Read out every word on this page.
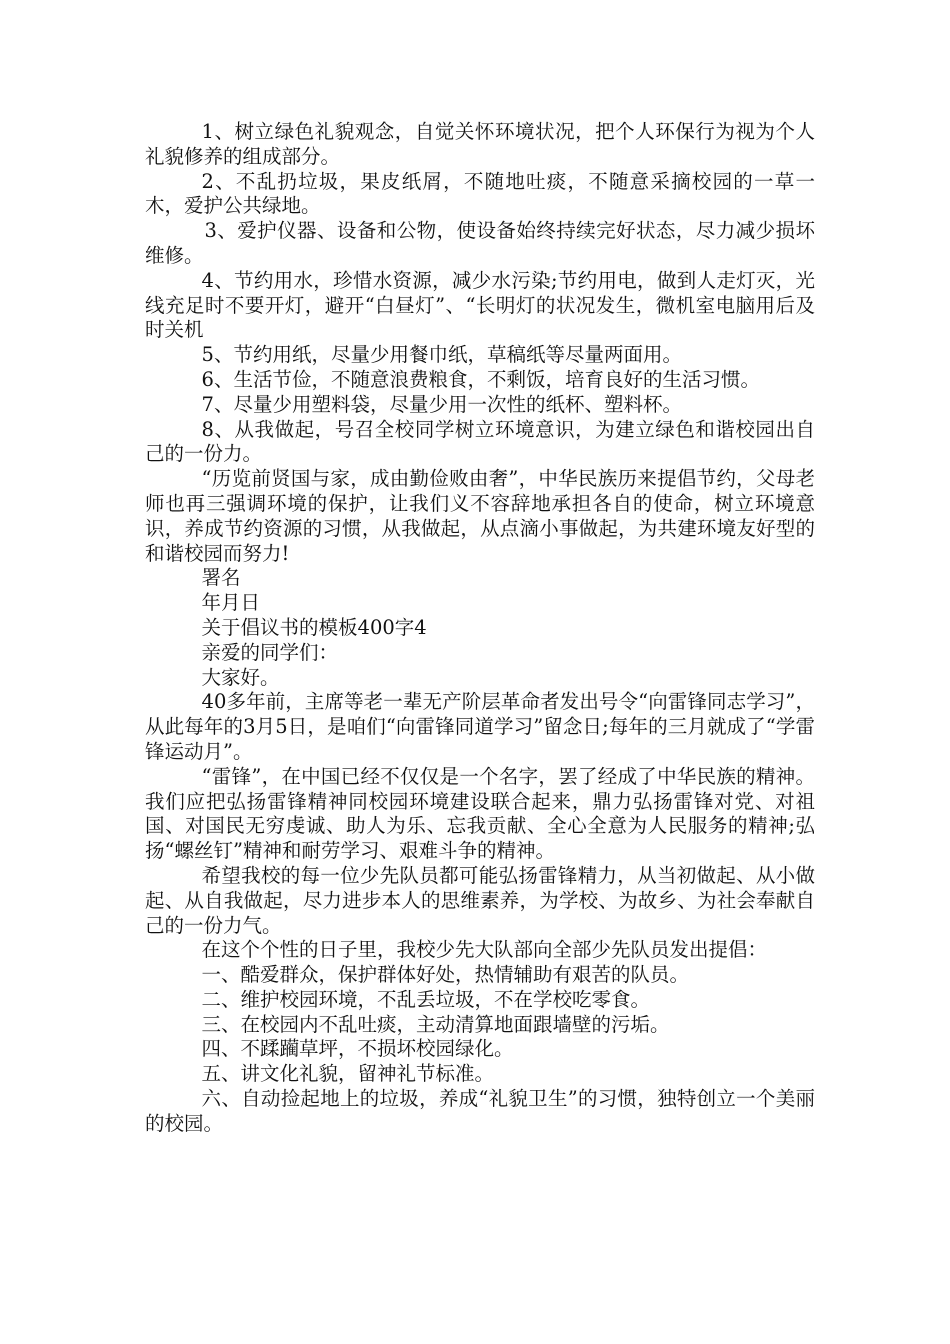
1、树立绿色礼貌观念，自觉关怀环境状况，把个人环保行为视为个人礼貌修养的组成部分。

2、不乱扔垃圾，果皮纸屑，不随地吐痰，不随意采摘校园的一草一木，爱护公共绿地。

3、爱护仪器、设备和公物，使设备始终持续完好状态，尽力减少损坏维修。

4、节约用水，珍惜水资源，减少水污染;节约用电，做到人走灯灭，光线充足时不要开灯，避开“白昼灯”、“长明灯的状况发生，微机室电脑用后及时关机

5、节约用纸，尽量少用餐巾纸，草稿纸等尽量两面用。

6、生活节俭，不随意浪费粮食，不剩饭，培育良好的生活习惯。

7、尽量少用塑料袋，尽量少用一次性的纸杯、塑料杯。

8、从我做起，号召全校同学树立环境意识，为建立绿色和谐校园出自己的一份力。

“历览前贤国与家，成由勤俭败由奢”，中华民族历来提倡节约，父母老师也再三强调环境的保护，让我们义不容辞地承担各自的使命，树立环境意识，养成节约资源的习惯，从我做起，从点滴小事做起，为共建环境友好型的和谐校园而努力!

署名

年月日

关于倡议书的模板400字4

亲爱的同学们：

大家好。

40多年前，主席等老一辈无产阶层革命者发出号令“向雷锋同志学习”，从此每年的3月5日，是咱们“向雷锋同道学习”留念日;每年的三月就成了“学雷锋运动月”。

“雷锋”，在中国已经不仅仅是一个名字，罢了经成了中华民族的精神。我们应把弘扬雷锋精神同校园环境建设联合起来，鼎力弘扬雷锋对党、对祖国、对国民无穷虔诚、助人为乐、忘我贡献、全心全意为人民服务的精神;弘扬“螺丝钉”精神和耐劳学习、艰难斗争的精神。

希望我校的每一位少先队员都可能弘扬雷锋精力，从当初做起、从小做起、从自我做起，尽力进步本人的思维素养，为学校、为故乡、为社会奉献自己的一份力气。

在这个个性的日子里，我校少先大队部向全部少先队员发出提倡：

一、酷爱群众，保护群体好处，热情辅助有艰苦的队员。

二、维护校园环境，不乱丢垃圾，不在学校吃零食。

三、在校园内不乱吐痰，主动清算地面跟墙壁的污垢。

四、不蹂躏草坪，不损坏校园绿化。

五、讲文化礼貌，留神礼节标准。

六、自动捡起地上的垃圾，养成“礼貌卫生”的习惯，独特创立一个美丽的校园。
